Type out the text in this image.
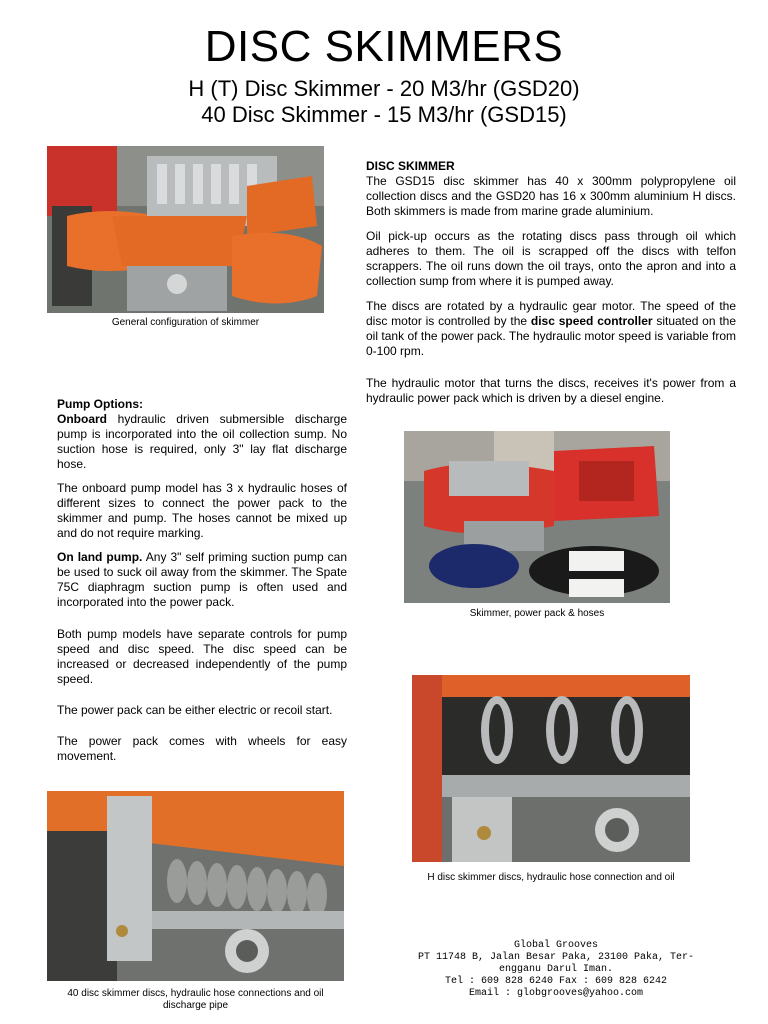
DISC SKIMMERS
H (T) Disc Skimmer - 20 M3/hr (GSD20)
40 Disc Skimmer - 15 M3/hr (GSD15)
General configuration of skimmer

DISC SKIMMER

The GSD15 disc skimmer has 40 x 300mm polypropylene oil collection discs and the GSD20 has 16 x 300mm aluminium H discs. Both skimmers is made from marine grade aluminium.

Oil pick-up occurs as the rotating discs pass through oil which adheres to them. The oil is scrapped off the discs with telfon scrappers. The oil runs down the oil trays, onto the apron and into a collection sump from where it is pumped away.

The discs are rotated by a hydraulic gear motor. The speed of the disc motor is controlled by the disc speed controller situated on the oil tank of the power pack. The hydraulic motor speed is variable from 0-100 rpm.

The hydraulic motor that turns the discs, receives it's power from a hydraulic power pack which is driven by a diesel engine.

Pump Options:

Onboard hydraulic driven submersible discharge pump is incorporated into the oil collection sump. No suction hose is required, only 3" lay flat discharge hose.

The onboard pump model has 3 x hydraulic hoses of different sizes to connect the power pack to the skimmer and pump. The hoses cannot be mixed up and do not require marking.

On land pump. Any 3" self priming suction pump can be used to suck oil away from the skimmer. The Spate 75C diaphragm suction pump is often used and incorporated into the power pack.

Both pump models have separate controls for pump speed and disc speed. The disc speed can be increased or decreased independently of the pump speed.

The power pack can be either electric or recoil start.

The power pack comes with wheels for easy movement.

Skimmer, power pack & hoses
H disc skimmer discs, hydraulic hose connection and oil
40 disc skimmer discs, hydraulic hose connections and oil discharge pipe
Global Grooves
PT 11748 B, Jalan Besar Paka, 23100 Paka, Ter-
engganu Darul Iman.
Tel : 609 828 6240 Fax : 609 828 6242
Email : globgrooves@yahoo.com
